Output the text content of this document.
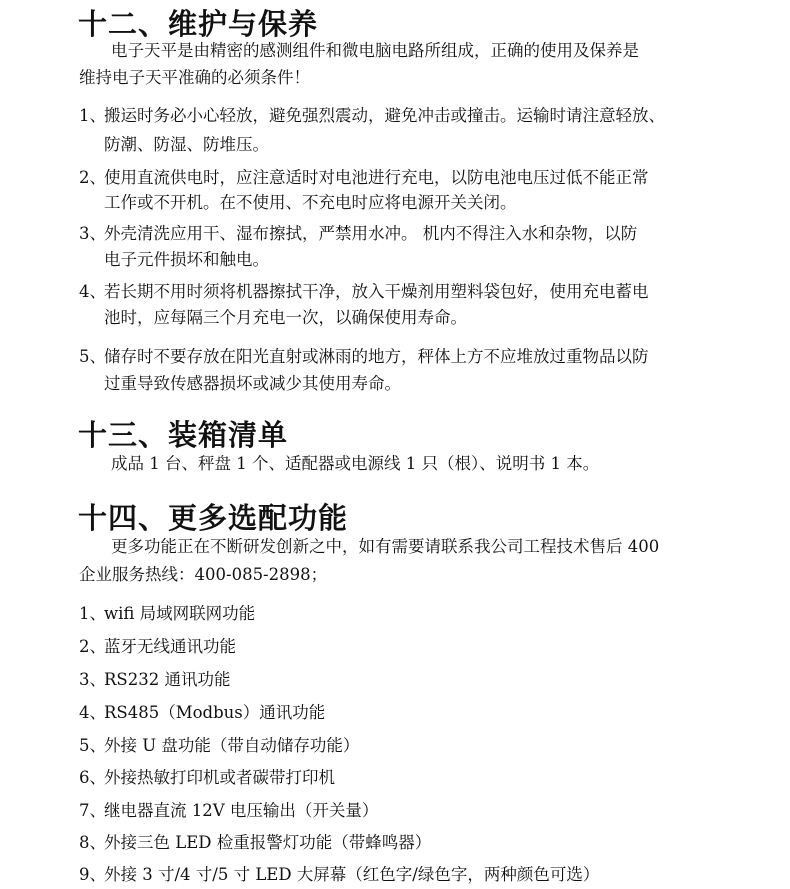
十二、维护与保养
电子天平是由精密的感测组件和微电脑电路所组成，正确的使用及保养是
维持电子天平准确的必须条件！
1、
搬运时务必小心轻放，避免强烈震动，避免冲击或撞击。运输时请注意轻放、
防潮、防湿、防堆压。
2、
使用直流供电时，应注意适时对电池进行充电，以防电池电压过低不能正常
工作或不开机。在不使用、不充电时应将电源开关关闭。
3、
外壳清洗应用干、湿布擦拭，严禁用水冲。 机内不得注入水和杂物，以防
电子元件损坏和触电。
4、
若长期不用时须将机器擦拭干净，放入干燥剂用塑料袋包好，使用充电蓄电
池时，应每隔三个月充电一次，以确保使用寿命。
5、
储存时不要存放在阳光直射或淋雨的地方，秤体上方不应堆放过重物品以防
过重导致传感器损坏或减少其使用寿命。
十三、装箱清单
成品 1 台、秤盘 1 个、适配器或电源线 1 只（根）、说明书 1 本。
十四、更多选配功能
更多功能正在不断研发创新之中，如有需要请联系我公司工程技术售后 400
企业服务热线：400-085-2898；
1、
wifi 局域网联网功能
2、
蓝牙无线通讯功能
3、
RS232 通讯功能
4、
RS485（Modbus）通讯功能
5、
外接 U 盘功能（带自动储存功能）
6、
外接热敏打印机或者碳带打印机
7、
继电器直流 12V 电压输出（开关量）
8、
外接三色 LED 检重报警灯功能（带蜂鸣器）
9、
外接 3 寸/4 寸/5 寸 LED 大屏幕（红色字/绿色字，两种颜色可选）
